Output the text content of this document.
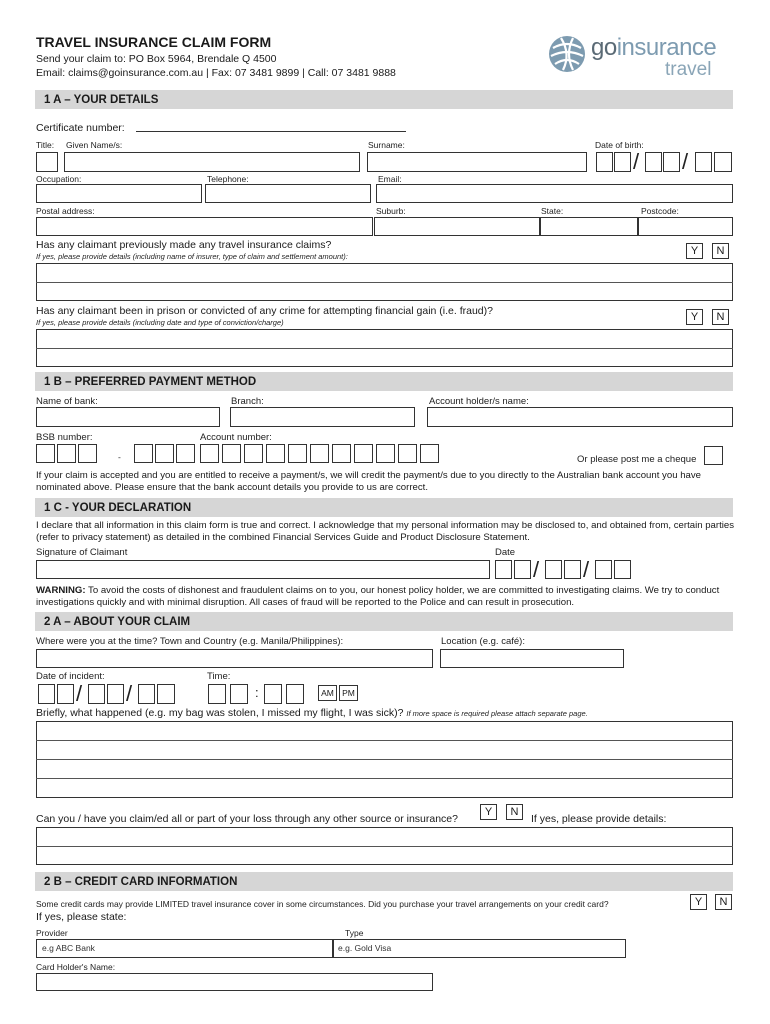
TRAVEL INSURANCE CLAIM FORM
Send your claim to: PO Box 5964, Brendale Q 4500
Email: claims@goinsurance.com.au | Fax: 07 3481 9899 | Call: 07 3481 9888
goinsurance
travel
1 A – YOUR DETAILS
Certificate number:
Title: Given Name/s:	Surname:	Date of birth:
/ /
Occupation:	Telephone:	Email:
Postal address:	Suburb:	State:	Postcode:
Has any claimant previously made any travel insurance claims?
If yes, please provide details (including name of insurer, type of claim and settlement amount):	Y	N
Has any claimant been in prison or convicted of any crime for attempting financial gain (i.e. fraud)?
If yes, please provide details (including date and type of conviction/charge)	Y	N
1 B – PREFERRED PAYMENT METHOD
Name of bank:	Branch:	Account holder/s name:
BSB number:	Account number:
-	Or please post me a cheque
If your claim is accepted and you are entitled to receive a payment/s, we will credit the payment/s due to you directly to the Australian bank account you have nominated above. Please ensure that the bank account details you provide to us are correct.
1 C - YOUR DECLARATION
I declare that all information in this claim form is true and correct. I acknowledge that my personal information may be disclosed to, and obtained from, certain parties (refer to privacy statement) as detailed in the combined Financial Services Guide and Product Disclosure Statement.
Signature of Claimant	Date
/ /
WARNING: To avoid the costs of dishonest and fraudulent claims on to you, our honest policy holder, we are committed to investigating claims. We try to conduct investigations quickly and with minimal disruption. All cases of fraud will be reported to the Police and can result in prosecution.
2 A – ABOUT YOUR CLAIM
Where were you at the time? Town and Country (e.g. Manila/Philippines):	Location (e.g. café):
Date of incident:	Time:
/ /	:	AM PM
Briefly, what happened (e.g. my bag was stolen, I missed my flight, I was sick)? If more space is required please attach separate page.
Can you / have you claim/ed all or part of your loss through any other source or insurance?
Y	N
If yes, please provide details:
2 B – CREDIT CARD INFORMATION
Some credit cards may provide LIMITED travel insurance cover in some circumstances. Did you purchase your travel arrangements on your credit card?	Y	N
If yes, please state:
Provider	Type
e.g ABC Bank	e.g. Gold Visa
Card Holder's Name:
